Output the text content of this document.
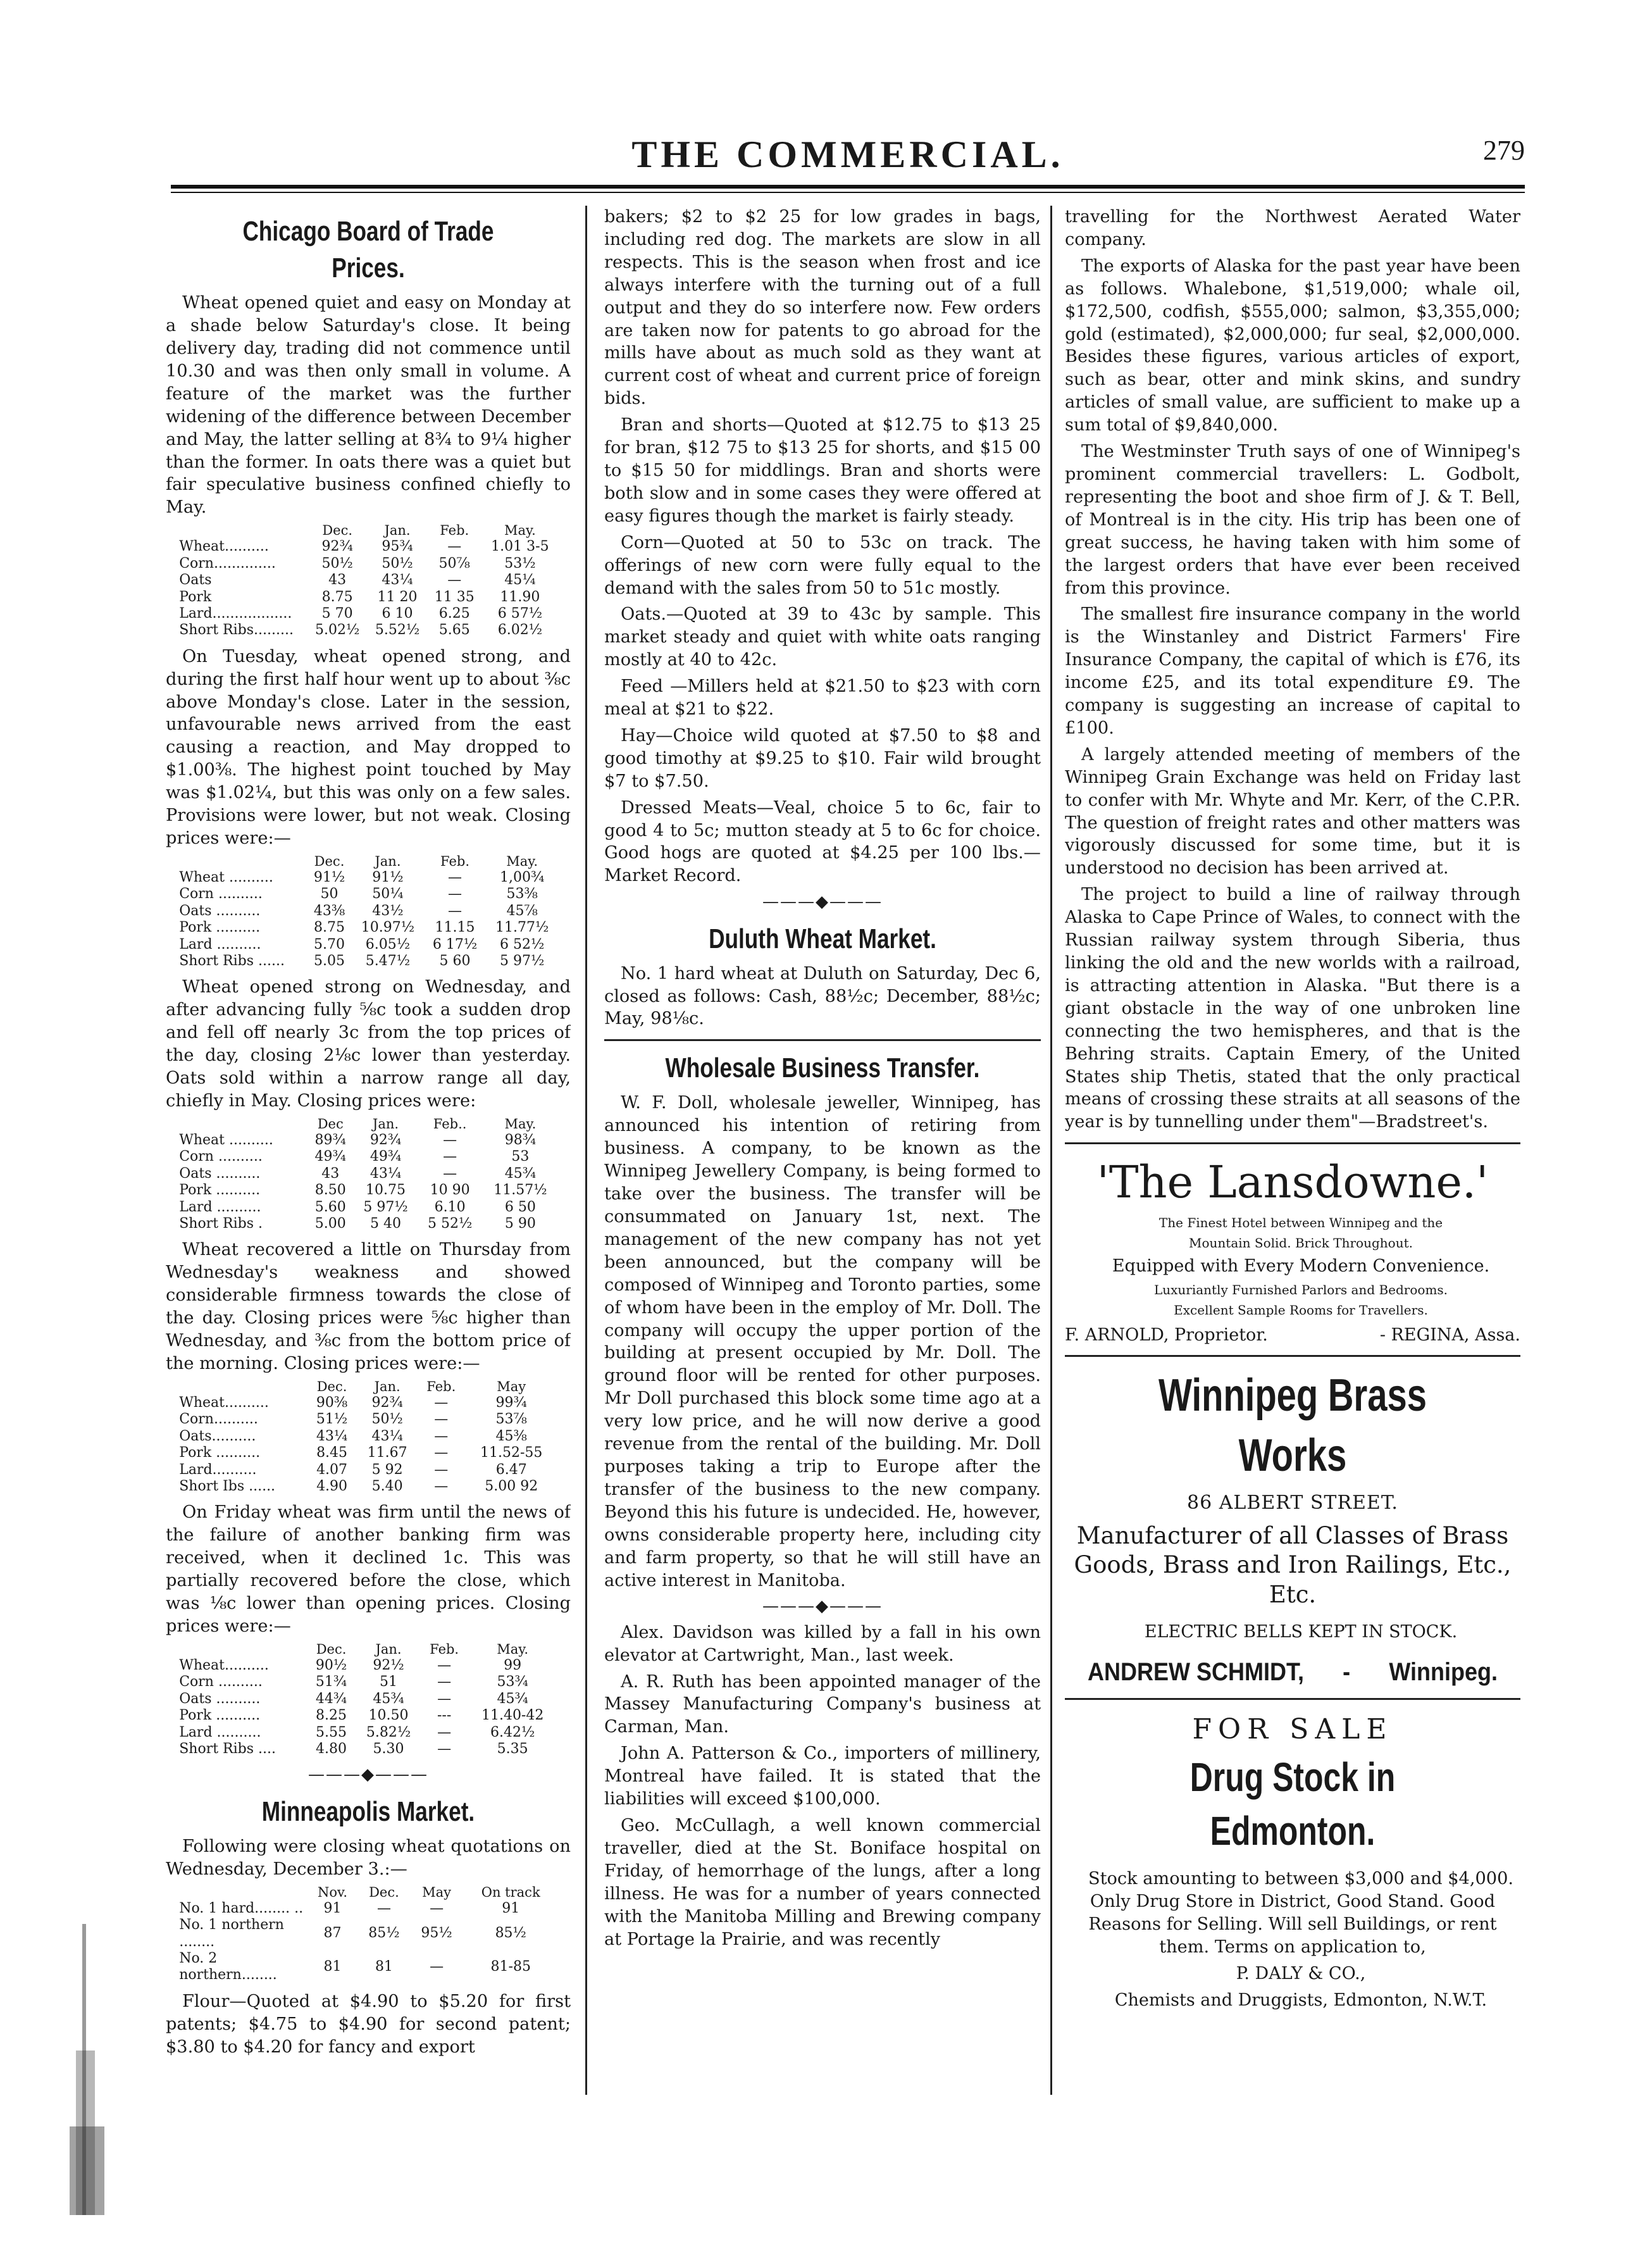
THE COMMERCIAL.	279
Chicago Board of Trade Prices.

Wheat opened quiet and easy on Monday at a shade below Saturday's close. It being delivery day, trading did not commence until 10.30 and was then only small in volume. A feature of the market was the further widening of the difference between December and May, the latter selling at 8¾ to 9¼ higher than the former. In oats there was a quiet but fair speculative business confined chiefly to May.

	Dec.	Jan.	Feb.	May.
Wheat..........	92¾	95¾	—	1.01 3-5
Corn..............	50½	50½	50⅞	53½
Oats	43	43¼	—	45¼
Pork	8.75	11 20	11 35	11.90
Lard..................	5 70	6 10	6.25	6 57½
Short Ribs.........	5.02½	5.52½	5.65	6.02½

On Tuesday, wheat opened strong, and during the first half hour went up to about ⅜c above Monday's close. Later in the session, unfavourable news arrived from the east causing a reaction, and May dropped to $1.00⅜. The highest point touched by May was $1.02¼, but this was only on a few sales. Provisions were lower, but not weak. Closing prices were:—

	Dec.	Jan.	Feb.	May.
Wheat ..........	91½	91½	—	1,00¾
Corn ..........	50	50¼	—	53⅜
Oats ..........	43⅜	43½	—	45⅞
Pork ..........	8.75	10.97½	11.15	11.77½
Lard ..........	5.70	6.05½	6 17½	6 52½
Short Ribs ......	5.05	5.47½	5 60	5 97½

Wheat opened strong on Wednesday, and after advancing fully ⅝c took a sudden drop and fell off nearly 3c from the top prices of the day, closing 2⅛c lower than yesterday. Oats sold within a narrow range all day, chiefly in May. Closing prices were:

	Dec	Jan.	Feb..	May.
Wheat ..........	89¾	92¾	—	98¾
Corn ..........	49¾	49¾	—	53
Oats ..........	43	43¼	—	45¾
Pork ..........	8.50	10.75	10 90	11.57½
Lard ..........	5.60	5 97½	6.10	6 50
Short Ribs .	5.00	5 40	5 52½	5 90

Wheat recovered a little on Thursday from Wednesday's weakness and showed considerable firmness towards the close of the day. Closing prices were ⅝c higher than Wednesday, and ⅜c from the bottom price of the morning. Closing prices were:—

	Dec.	Jan.	Feb.	May
Wheat..........	90⅜	92¾	—	99¾
Corn..........	51½	50½	—	53⅞
Oats..........	43¼	43¼	—	45⅜
Pork ..........	8.45	11.67	—	11.52-55
Lard..........	4.07	5 92	—	6.47
Short Ibs ......	4.90	5.40	—	5.00 92

On Friday wheat was firm until the news of the failure of another banking firm was received, when it declined 1c. This was partially recovered before the close, which was ⅛c lower than opening prices. Closing prices were:—

	Dec.	Jan.	Feb.	May.
Wheat..........	90½	92½	—	99
Corn ..........	51¾	51	—	53¾
Oats ..........	44¾	45¾	—	45¾
Pork ..........	8.25	10.50	---	11.40-42
Lard ..........	5.55	5.82½	—	6.42½
Short Ribs ....	4.80	5.30	—	5.35
———◆———
Minneapolis Market.

Following were closing wheat quotations on Wednesday, December 3.:—

	Nov.	Dec.	May	On track
No. 1 hard........ ..	91	—	—	91
No. 1 northern ........	87	85½	95½	85½
No. 2 northern........	81	81	—	81-85

Flour—Quoted at $4.90 to $5.20 for first patents; $4.75 to $4.90 for second patent; $3.80 to $4.20 for fancy and export

bakers; $2 to $2 25 for low grades in bags, including red dog. The markets are slow in all respects. This is the season when frost and ice always interfere with the turning out of a full output and they do so interfere now. Few orders are taken now for patents to go abroad for the mills have about as much sold as they want at current cost of wheat and current price of foreign bids.

Bran and shorts—Quoted at $12.75 to $13 25 for bran, $12 75 to $13 25 for shorts, and $15 00 to $15 50 for middlings. Bran and shorts were both slow and in some cases they were offered at easy figures though the market is fairly steady.

Corn—Quoted at 50 to 53c on track. The offerings of new corn were fully equal to the demand with the sales from 50 to 51c mostly.

Oats.—Quoted at 39 to 43c by sample. This market steady and quiet with white oats ranging mostly at 40 to 42c.

Feed —Millers held at $21.50 to $23 with corn meal at $21 to $22.

Hay—Choice wild quoted at $7.50 to $8 and good timothy at $9.25 to $10. Fair wild brought $7 to $7.50.

Dressed Meats—Veal, choice 5 to 6c, fair to good 4 to 5c; mutton steady at 5 to 6c for choice. Good hogs are quoted at $4.25 per 100 lbs.—Market Record.

———◆———
Duluth Wheat Market.

No. 1 hard wheat at Duluth on Saturday, Dec 6, closed as follows: Cash, 88½c; December, 88½c; May, 98⅛c.

Wholesale Business Transfer.

W. F. Doll, wholesale jeweller, Winnipeg, has announced his intention of retiring from business. A company, to be known as the Winnipeg Jewellery Company, is being formed to take over the business. The transfer will be consummated on January 1st, next. The management of the new company has not yet been announced, but the company will be composed of Winnipeg and Toronto parties, some of whom have been in the employ of Mr. Doll. The company will occupy the upper portion of the building at present occupied by Mr. Doll. The ground floor will be rented for other purposes. Mr Doll purchased this block some time ago at a very low price, and he will now derive a good revenue from the rental of the building. Mr. Doll purposes taking a trip to Europe after the transfer of the business to the new company. Beyond this his future is undecided. He, however, owns considerable property here, including city and farm property, so that he will still have an active interest in Manitoba.

———◆———

Alex. Davidson was killed by a fall in his own elevator at Cartwright, Man., last week.

A. R. Ruth has been appointed manager of the Massey Manufacturing Company's business at Carman, Man.

John A. Patterson & Co., importers of millinery, Montreal have failed. It is stated that the liabilities will exceed $100,000.

Geo. McCullagh, a well known commercial traveller, died at the St. Boniface hospital on Friday, of hemorrhage of the lungs, after a long illness. He was for a number of years connected with the Manitoba Milling and Brewing company at Portage la Prairie, and was recently

travelling for the Northwest Aerated Water company.

The exports of Alaska for the past year have been as follows. Whalebone, $1,519,000; whale oil, $172,500, codfish, $555,000; salmon, $3,355,000; gold (estimated), $2,000,000; fur seal, $2,000,000. Besides these figures, various articles of export, such as bear, otter and mink skins, and sundry articles of small value, are sufficient to make up a sum total of $9,840,000.

The Westminster Truth says of one of Winnipeg's prominent commercial travellers: L. Godbolt, representing the boot and shoe firm of J. & T. Bell, of Montreal is in the city. His trip has been one of great success, he having taken with him some of the largest orders that have ever been received from this province.

The smallest fire insurance company in the world is the Winstanley and District Farmers' Fire Insurance Company, the capital of which is £76, its income £25, and its total expenditure £9. The company is suggesting an increase of capital to £100.

A largely attended meeting of members of the Winnipeg Grain Exchange was held on Friday last to confer with Mr. Whyte and Mr. Kerr, of the C.P.R. The question of freight rates and other matters was vigorously discussed for some time, but it is understood no decision has been arrived at.

The project to build a line of railway through Alaska to Cape Prince of Wales, to connect with the Russian railway system through Siberia, thus linking the old and the new worlds with a railroad, is attracting attention in Alaska. "But there is a giant obstacle in the way of one unbroken line connecting the two hemispheres, and that is the Behring straits. Captain Emery, of the United States ship Thetis, stated that the only practical means of crossing these straits at all seasons of the year is by tunnelling under them"—Bradstreet's.

'The Lansdowne.'

The Finest Hotel between Winnipeg and the

Mountain Solid. Brick Throughout.

Equipped with Every Modern Convenience.

Luxuriantly Furnished Parlors and Bedrooms.

Excellent Sample Rooms for Travellers.

F. ARNOLD, Proprietor.	- REGINA, Assa.
Winnipeg Brass Works
86 ALBERT STREET.
Manufacturer of all Classes of Brass Goods, Brass and Iron Railings, Etc., Etc.

ELECTRIC BELLS KEPT IN STOCK.

ANDREW SCHMIDT, - Winnipeg.
FOR SALE
Drug Stock in Edmonton.

Stock amounting to between $3,000 and $4,000. Only Drug Store in District, Good Stand. Good Reasons for Selling. Will sell Buildings, or rent them. Terms on application to,

P. DALY & CO.,

Chemists and Druggists, Edmonton, N.W.T.
